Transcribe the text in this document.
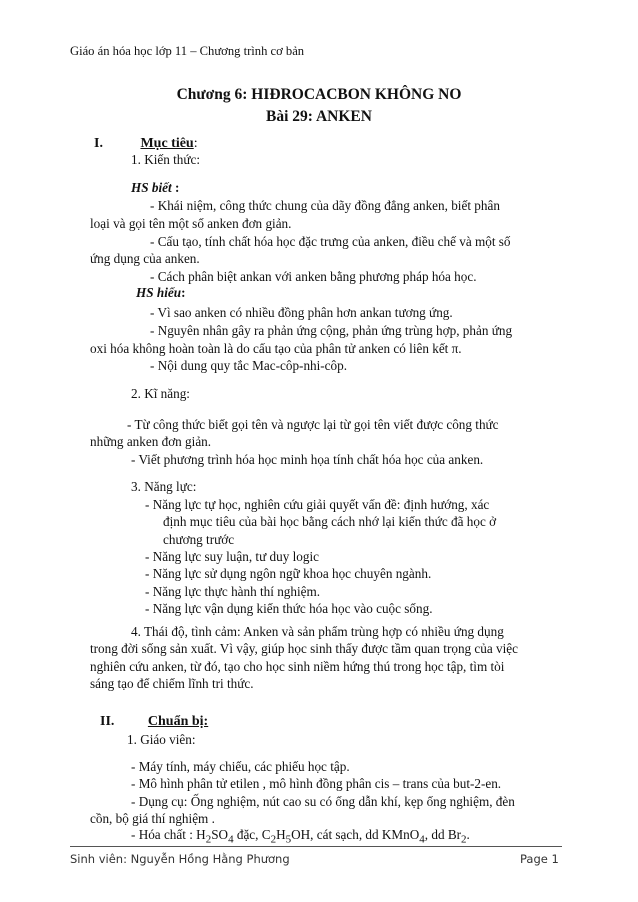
Giáo án hóa học lớp 11 – Chương trình cơ bản
Chương 6: HIĐROCACBON KHÔNG NO
Bài 29: ANKEN
I.	Mục tiêu:
1. Kiến thức:
HS biết :
- Khái niệm, công thức chung của dãy đồng đẳng anken, biết phân
loại và gọi tên một số anken đơn giản.
- Cấu tạo, tính chất hóa học đặc trưng của anken, điều chế và một số
ứng dụng của anken.
- Cách phân biệt ankan với anken bằng phương pháp hóa học.
HS hiểu:
- Vì sao anken có nhiều đồng phân hơn ankan tương ứng.
- Nguyên nhân gây ra phản ứng cộng, phản ứng trùng hợp, phản ứng
oxi hóa không hoàn toàn là do cấu tạo của phân tử anken có liên kết π.
- Nội dung quy tắc Mac-côp-nhi-côp.
2. Kĩ năng:
- Từ công thức biết gọi tên và ngược lại từ gọi tên viết được công thức
những anken đơn giản.
- Viết phương trình hóa học minh họa tính chất hóa học của anken.
3. Năng lực:
- Năng lực tự học, nghiên cứu giải quyết vấn đề: định hướng, xác
định mục tiêu của bài học bằng cách nhớ lại kiến thức đã học ở
chương trước
- Năng lực suy luận, tư duy logic
- Năng lực sử dụng ngôn ngữ khoa học chuyên ngành.
- Năng lực thực hành thí nghiệm.
- Năng lực vận dụng kiến thức hóa học vào cuộc sống.
4. Thái độ, tình cảm: Anken và sản phẩm trùng hợp có nhiều ứng dụng
trong đời sống sản xuất. Vì vậy, giúp học sinh thấy được tầm quan trọng của việc
nghiên cứu anken, từ đó, tạo cho học sinh niềm hứng thú trong học tập, tìm tòi
sáng tạo để chiếm lĩnh tri thức.
II. Chuẩn bị:
1. Giáo viên:
- Máy tính, máy chiếu, các phiếu học tập.
- Mô hình phân tử etilen , mô hình đồng phân cis – trans của but-2-en.
- Dụng cụ: Ống nghiệm, nút cao su có ống dẫn khí, kẹp ống nghiệm, đèn
cồn, bộ giá thí nghiệm .
- Hóa chất : $H_2SO_4$ đặc, $C_2H_5OH$, cát sạch, dd KMnO$_4$, dd $Br_2$.
Sinh viên: Nguyễn Hồng Hằng Phương	Page 1
